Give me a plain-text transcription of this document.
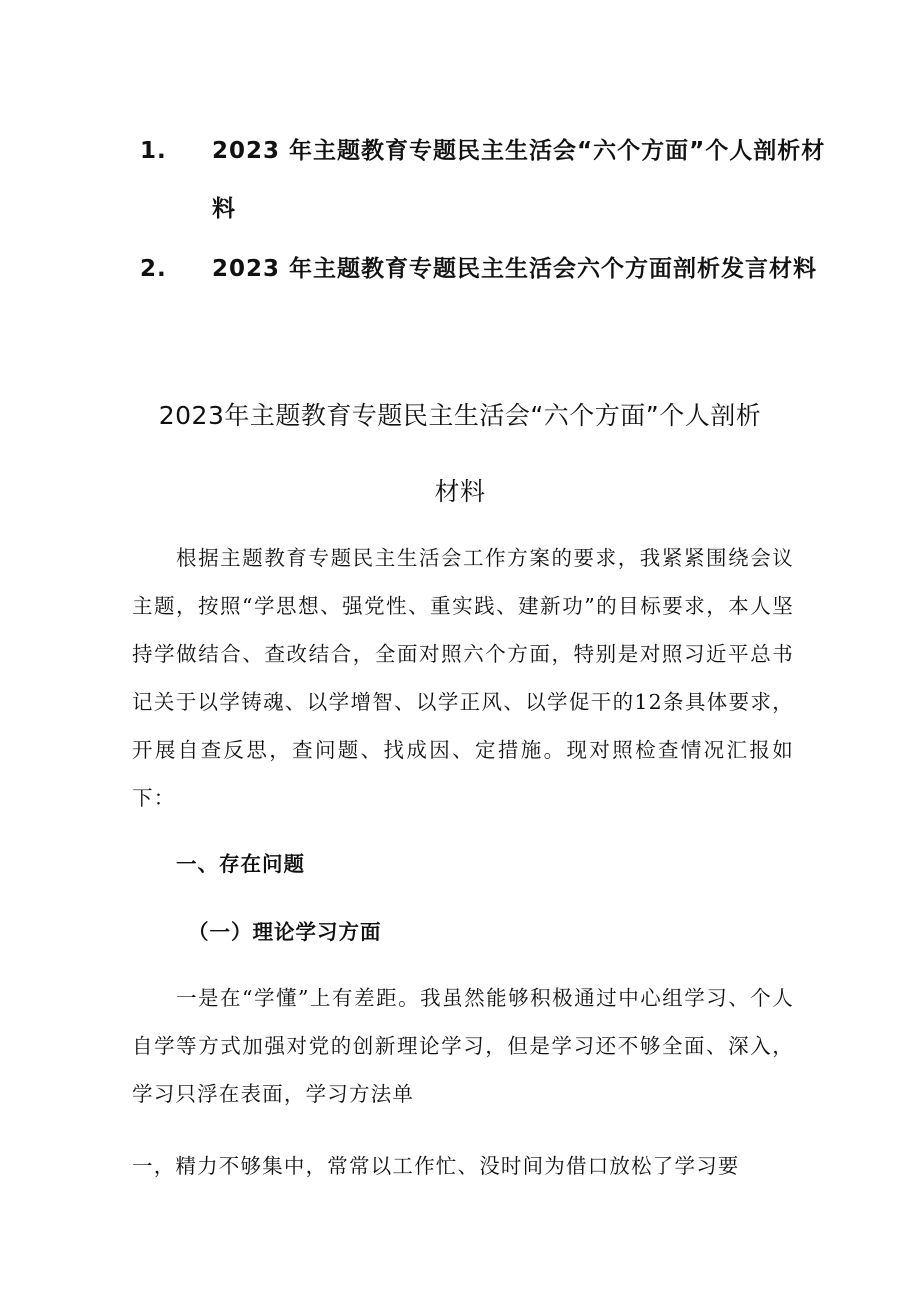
1. 2023 年主题教育专题民主生活会“六个方面”个人剖析材料
2. 2023 年主题教育专题民主生活会六个方面剖析发言材料
2023年主题教育专题民主生活会“六个方面”个人剖析材料

根据主题教育专题民主生活会工作方案的要求，我紧紧围绕会议主题，按照“学思想、强党性、重实践、建新功”的目标要求，本人坚持学做结合、查改结合，全面对照六个方面，特别是对照习近平总书记关于以学铸魂、以学增智、以学正风、以学促干的12条具体要求，开展自查反思，查问题、找成因、定措施。现对照检查情况汇报如下：

一、存在问题
（一）理论学习方面

一是在“学懂”上有差距。我虽然能够积极通过中心组学习、个人自学等方式加强对党的创新理论学习，但是学习还不够全面、深入，学习只浮在表面，学习方法单

一，精力不够集中，常常以工作忙、没时间为借口放松了学习要
